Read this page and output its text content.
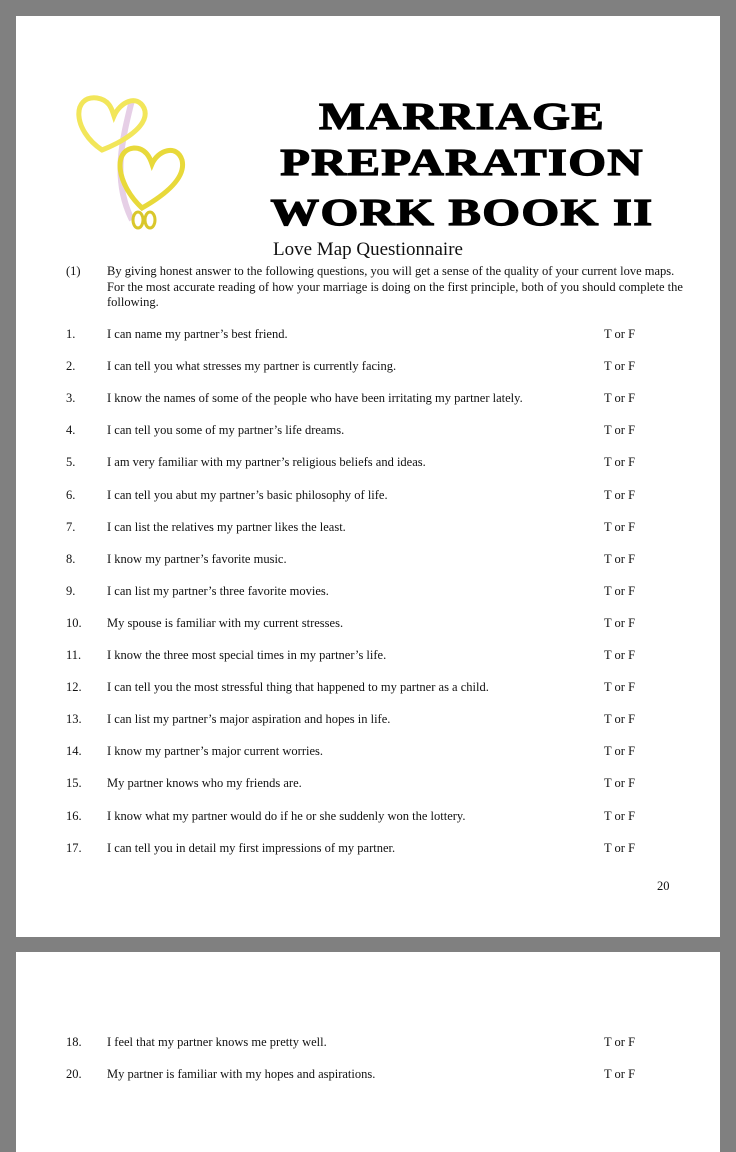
MARRIAGE
PREPARATION
WORK BOOK II
Love Map Questionnaire
(1) By giving honest answer to the following questions, you will get a sense of the quality of your current love maps. For the most accurate reading of how your marriage is doing on the first principle, both of you should complete the following.
1.	I can name my partner’s best friend.	T or F
2.	I can tell you what stresses my partner is currently facing.	T or F
3.	I know the names of some of the people who have been irritating my partner lately.	T or F
4.	I can tell you some of my partner’s life dreams.	T or F
5.	I am very familiar with my partner’s religious beliefs and ideas.	T or F
6.	I can tell you abut my partner’s basic philosophy of life.	T or F
7.	I can list the relatives my partner likes the least.	T or F
8.	I know my partner’s favorite music.	T or F
9.	I can list my partner’s three favorite movies.	T or F
10. My spouse is familiar with my current stresses.	T or F
11. I know the three most special times in my partner’s life.	T or F
12. I can tell you the most stressful thing that happened to my partner as a child.	T or F
13. I can list my partner’s major aspiration and hopes in life.	T or F
14. I know my partner’s major current worries.	T or F
15. My partner knows who my friends are.	T or F
16. I know what my partner would do if he or she suddenly won the lottery.	T or F
17. I can tell you in detail my first impressions of my partner.	T or F
20
18. I feel that my partner knows me pretty well.	T or F
20. My partner is familiar with my hopes and aspirations.	T or F
